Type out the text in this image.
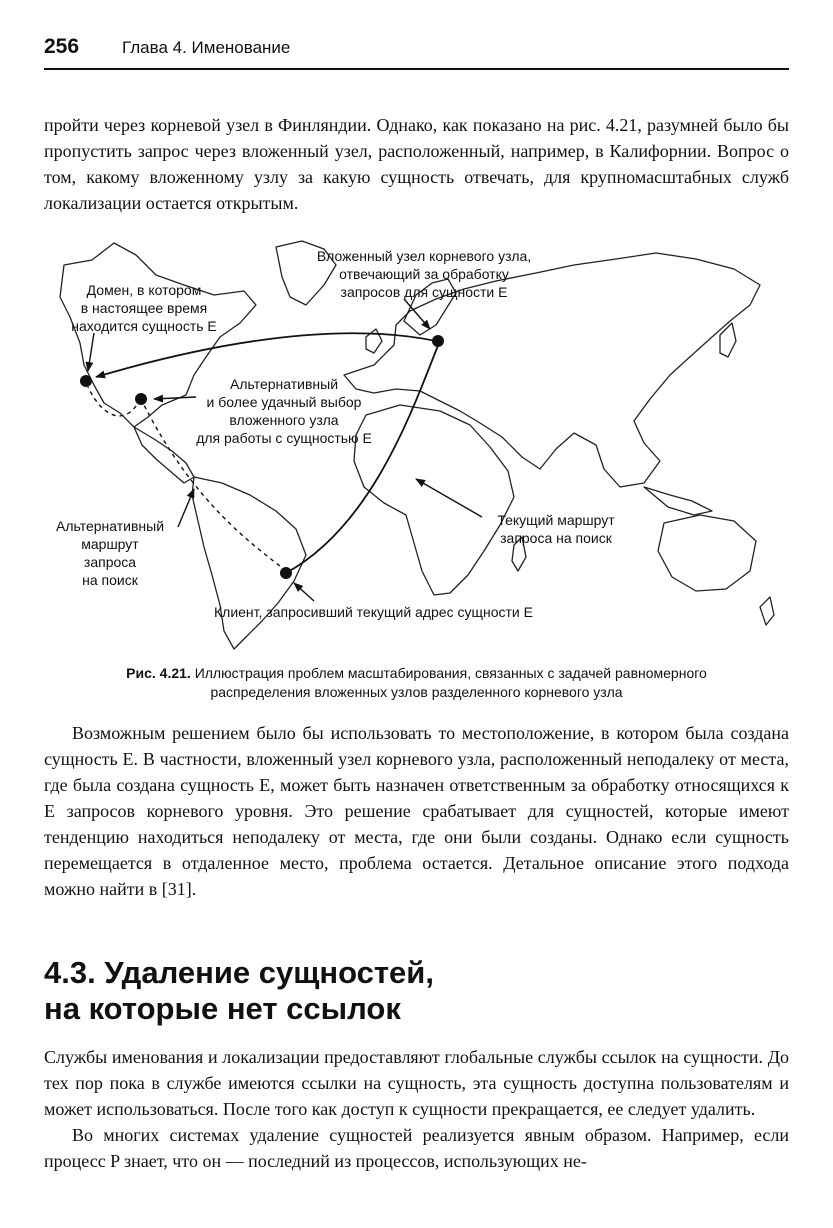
256	Глава 4. Именование

пройти через корневой узел в Финляндии. Однако, как показано на рис. 4.21, разумней было бы пропустить запрос через вложенный узел, расположенный, например, в Калифорнии. Вопрос о том, какому вложенному узлу за какую сущность отвечать, для крупномасштабных служб локализации остается открытым.

Вложенный узел корневого узла,
отвечающий за обработку
запросов для сущности E
Домен, в котором
в настоящее время
находится сущность E
Альтернативный
и более удачный выбор
вложенного узла
для работы с сущностью E
Текущий маршрут
запроса на поиск
Альтернативный
маршрут
запроса
на поиск
Клиент, запросивший текущий адрес сущности E
Рис. 4.21. Иллюстрация проблем масштабирования, связанных с задачей равномерного
распределения вложенных узлов разделенного корневого узла

Возможным решением было бы использовать то местоположение, в котором была создана сущность E. В частности, вложенный узел корневого узла, расположенный неподалеку от места, где была создана сущность E, может быть назначен ответственным за обработку относящихся к E запросов корневого уровня. Это решение срабатывает для сущностей, которые имеют тенденцию находиться неподалеку от места, где они были созданы. Однако если сущность перемещается в отдаленное место, проблема остается. Детальное описание этого подхода можно найти в [31].

4.3. Удаление сущностей,
на которые нет ссылок

Службы именования и локализации предоставляют глобальные службы ссылок на сущности. До тех пор пока в службе имеются ссылки на сущность, эта сущность доступна пользователям и может использоваться. После того как доступ к сущности прекращается, ее следует удалить.

Во многих системах удаление сущностей реализуется явным образом. Например, если процесс P знает, что он — последний из процессов, использующих не-
